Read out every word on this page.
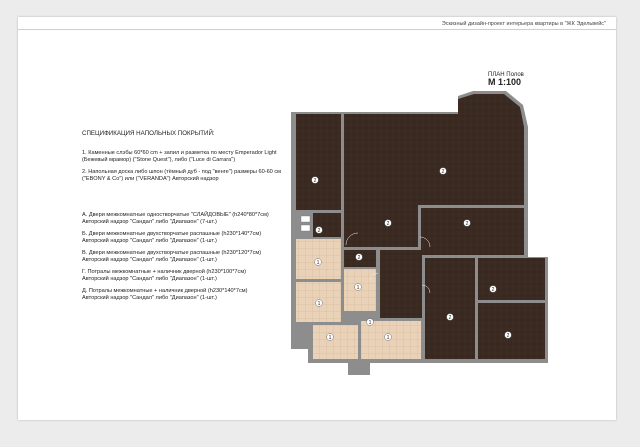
Эскизный дизайн-проект интерьера квартиры в "ЖК Эдельвейс"
ПЛАН Полов
М 1:100
СПЕЦИФИКАЦИЯ НАПОЛЬНЫХ ПОКРЫТИЙ:
1. Каменные слэбы 60*60 cm + запил и разметка по месту Emperador Light
(Бежевый мрамор) ("Stone Quest"), либо ("Luce di Carrara")
2. Напольная доска либо шпон (тёмный дуб - под "венге") размеры 60-60 см
("EBONY & Co") или ("VERANDA") Авторский надзор
А. Двери межкомнатные одностворчатые "СЛАЙДОВЫЕ" (h240*80*7см)
Авторский надзор "Сандал" либо "Диапазон" (7-шт.)
Б. Двери межкомнатные двухстворчатые распашные (h230*140*7см)
Авторский надзор "Сандал" либо "Диапазон" (1-шт.)
В. Двери межкомнатные двухстворчатые распашные (h230*120*7см)
Авторский надзор "Сандал" либо "Диапазон" (1-шт.)
Г. Потралы межкомнатные + наличник дверной (h230*100*7см)
Авторский надзор "Сандал" либо "Диапазон" (1-шт.)
Д. Потралы межкомнатные + наличник дверной (h230*140*7см)
Авторский надзор "Сандал" либо "Диапазон" (1-шт.)
2
2
2
2
2
2
2
2
2
1
1
1
1
1
1
